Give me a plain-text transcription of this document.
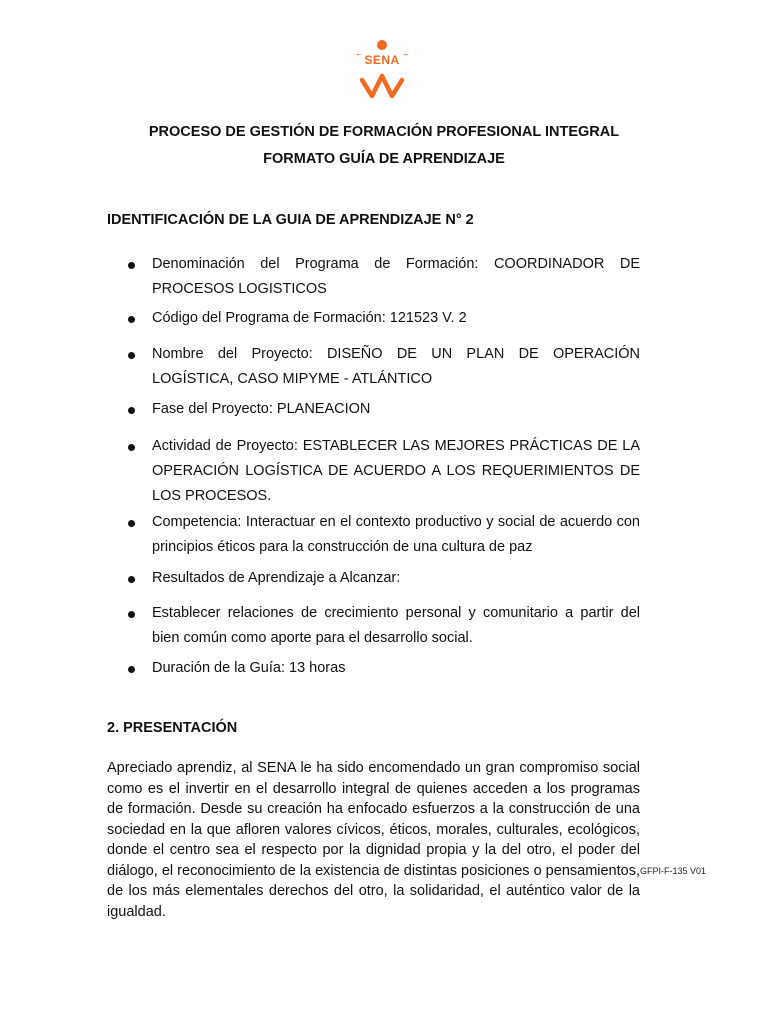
SENA
PROCESO DE GESTIÓN DE FORMACIÓN PROFESIONAL INTEGRAL
FORMATO GUÍA DE APRENDIZAJE
IDENTIFICACIÓN DE LA GUIA DE APRENDIZAJE N° 2
Denominación del Programa de Formación: COORDINADOR DE PROCESOS LOGISTICOS
Código del Programa de Formación: 121523 V. 2
Nombre del Proyecto: DISEÑO DE UN PLAN DE OPERACIÓN LOGÍSTICA, CASO MIPYME - ATLÁNTICO
Fase del Proyecto: PLANEACION
Actividad de Proyecto: ESTABLECER LAS MEJORES PRÁCTICAS DE LA OPERACIÓN LOGÍSTICA DE ACUERDO A LOS REQUERIMIENTOS DE LOS PROCESOS.
Competencia: Interactuar en el contexto productivo y social de acuerdo con principios éticos para la construcción de una cultura de paz
Resultados de Aprendizaje a Alcanzar:
Establecer relaciones de crecimiento personal y comunitario a partir del bien común como aporte para el desarrollo social.
Duración de la Guía: 13 horas
2. PRESENTACIÓN
Apreciado aprendiz, al SENA le ha sido encomendado un gran compromiso social como es el invertir en el desarrollo integral de quienes acceden a los programas de formación. Desde su creación ha enfocado esfuerzos a la construcción de una sociedad en la que afloren valores cívicos, éticos, morales, culturales, ecológicos, donde el centro sea el respecto por la dignidad propia y la del otro, el poder del diálogo, el reconocimiento de la existencia de distintas posiciones o pensamientos, de los más elementales derechos del otro, la solidaridad, el auténtico valor de la igualdad.
GFPI-F-135 V01
